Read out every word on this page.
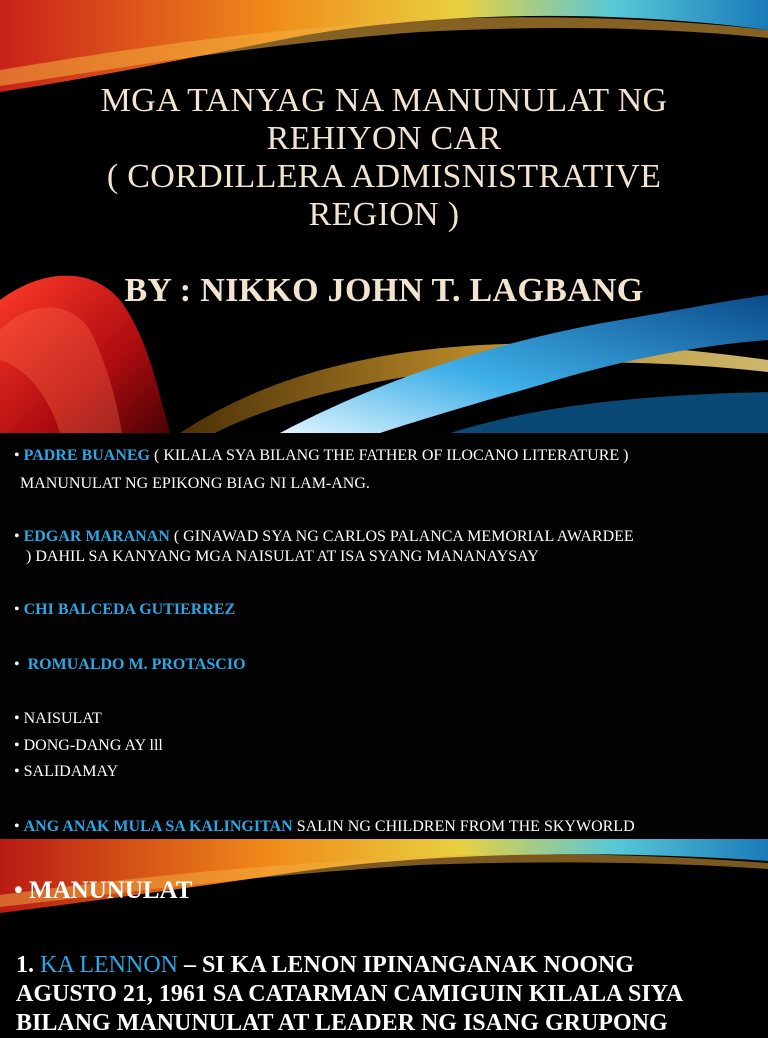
MGA TANYAG NA MANUNULAT NG
REHIYON CAR
( CORDILLERA ADMISNISTRATIVE
REGION )
BY : NIKKO JOHN T. LAGBANG
• PADRE BUANEG ( KILALA SYA BILANG THE FATHER OF ILOCANO LITERATURE )
MANUNULAT NG EPIKONG BIAG NI LAM-ANG.
• EDGAR MARANAN ( GINAWAD SYA NG CARLOS PALANCA MEMORIAL AWARDEE
) DAHIL SA KANYANG MGA NAISULAT AT ISA SYANG MANANAYSAY
• CHI BALCEDA GUTIERREZ
• ROMUALDO M. PROTASCIO
• NAISULAT
• DONG-DANG AY lll
• SALIDAMAY
• ANG ANAK MULA SA KALINGITAN SALIN NG CHILDREN FROM THE SKYWORLD
• MANUNULAT
1. KA LENNON – SI KA LENON IPINANGANAK NOONG
AGUSTO 21, 1961 SA CATARMAN CAMIGUIN KILALA SIYA
BILANG MANUNULAT AT LEADER NG ISANG GRUPONG
